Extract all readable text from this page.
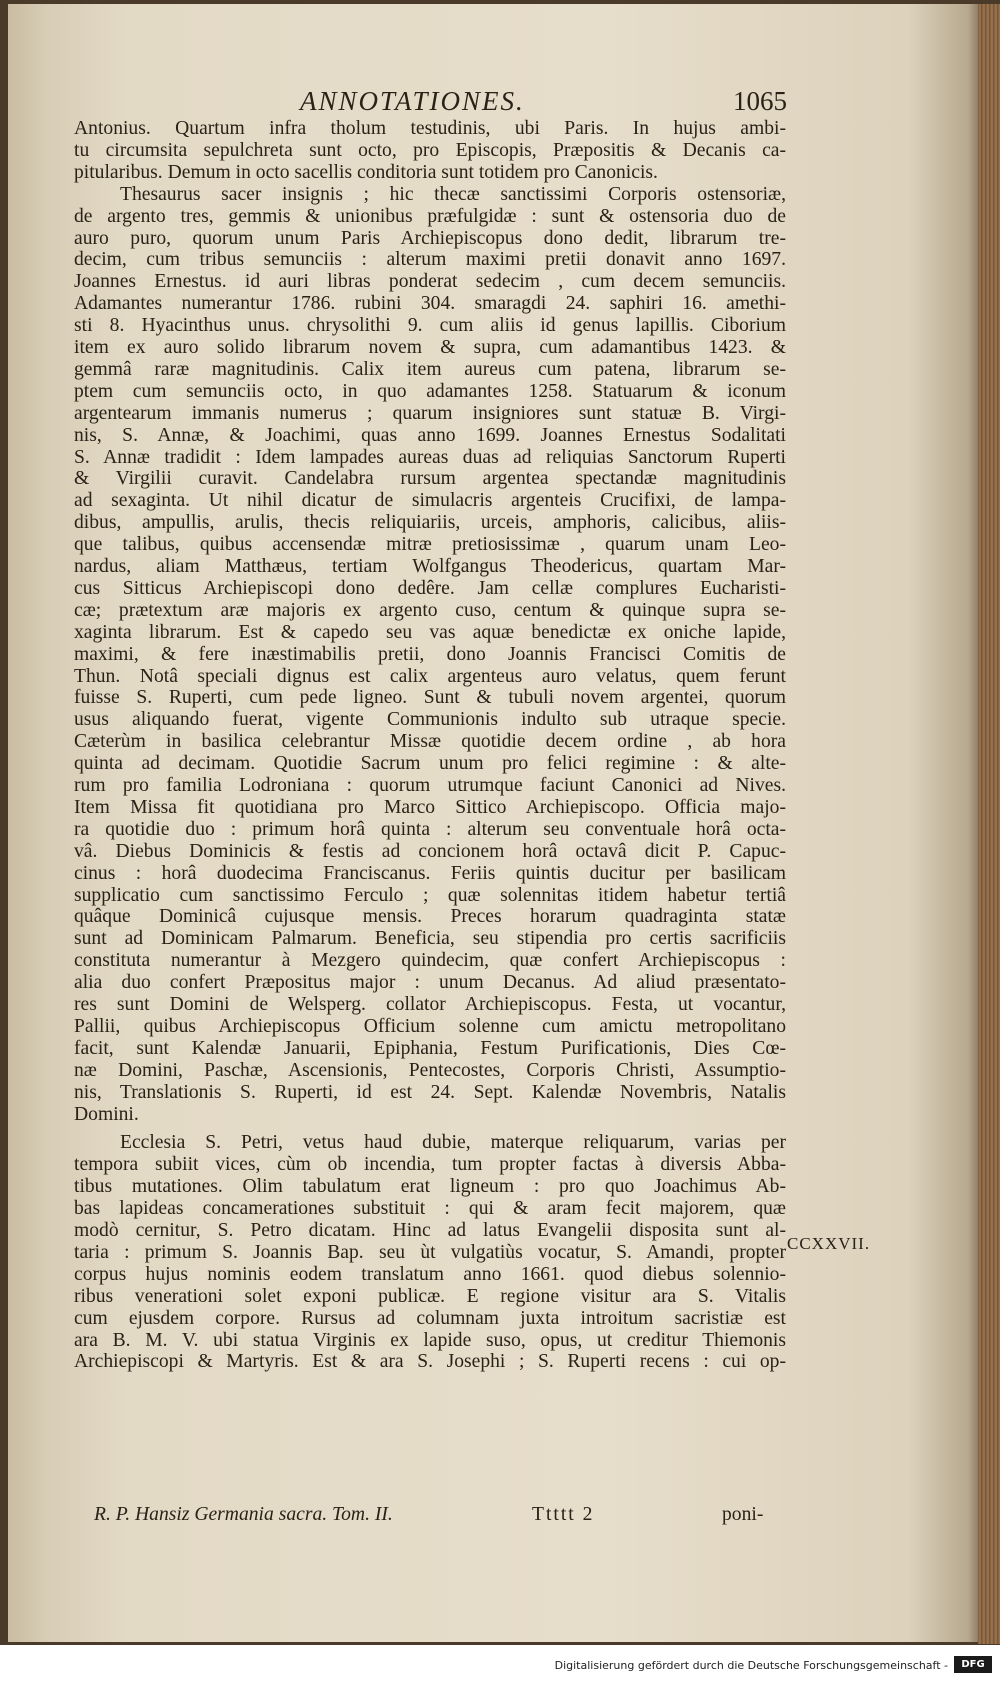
ANNOTATIONES.	1065
Antonius. Quartum infra tholum testudinis, ubi Paris. In hujus ambi-
tu circumsita sepulchreta sunt octo, pro Episcopis, Præpositis & Decanis ca-
pitularibus. Demum in octo sacellis conditoria sunt totidem pro Canonicis.
Thesaurus sacer insignis ; hic thecæ sanctissimi Corporis ostensoriæ,
de argento tres, gemmis & unionibus præfulgidæ : sunt & ostensoria duo de
auro puro, quorum unum Paris Archiepiscopus dono dedit, librarum tre-
decim, cum tribus semunciis : alterum maximi pretii donavit anno 1697.
Joannes Ernestus. id auri libras ponderat sedecim , cum decem semunciis.
Adamantes numerantur 1786. rubini 304. smaragdi 24. saphiri 16. amethi-
sti 8. Hyacinthus unus. chrysolithi 9. cum aliis id genus lapillis. Ciborium
item ex auro solido librarum novem & supra, cum adamantibus 1423. &
gemmâ raræ magnitudinis. Calix item aureus cum patena, librarum se-
ptem cum semunciis octo, in quo adamantes 1258. Statuarum & iconum
argentearum immanis numerus ; quarum insigniores sunt statuæ B. Virgi-
nis, S. Annæ, & Joachimi, quas anno 1699. Joannes Ernestus Sodalitati
S. Annæ tradidit : Idem lampades aureas duas ad reliquias Sanctorum Ruperti
& Virgilii curavit. Candelabra rursum argentea spectandæ magnitudinis
ad sexaginta. Ut nihil dicatur de simulacris argenteis Crucifixi, de lampa-
dibus, ampullis, arulis, thecis reliquiariis, urceis, amphoris, calicibus, aliis-
que talibus, quibus accensendæ mitræ pretiosissimæ , quarum unam Leo-
nardus, aliam Matthæus, tertiam Wolfgangus Theodericus, quartam Mar-
cus Sitticus Archiepiscopi dono dedêre. Jam cellæ complures Eucharisti-
cæ; prætextum aræ majoris ex argento cuso, centum & quinque supra se-
xaginta librarum. Est & capedo seu vas aquæ benedictæ ex oniche lapide,
maximi, & fere inæstimabilis pretii, dono Joannis Francisci Comitis de
Thun. Notâ speciali dignus est calix argenteus auro velatus, quem ferunt
fuisse S. Ruperti, cum pede ligneo. Sunt & tubuli novem argentei, quorum
usus aliquando fuerat, vigente Communionis indulto sub utraque specie.
Cæterùm in basilica celebrantur Missæ quotidie decem ordine , ab hora
quinta ad decimam. Quotidie Sacrum unum pro felici regimine : & alte-
rum pro familia Lodroniana : quorum utrumque faciunt Canonici ad Nives.
Item Missa fit quotidiana pro Marco Sittico Archiepiscopo. Officia majo-
ra quotidie duo : primum horâ quinta : alterum seu conventuale horâ octa-
vâ. Diebus Dominicis & festis ad concionem horâ octavâ dicit P. Capuc-
cinus : horâ duodecima Franciscanus. Feriis quintis ducitur per basilicam
supplicatio cum sanctissimo Ferculo ; quæ solennitas itidem habetur tertiâ
quâque Dominicâ cujusque mensis. Preces horarum quadraginta statæ
sunt ad Dominicam Palmarum. Beneficia, seu stipendia pro certis sacrificiis
constituta numerantur à Mezgero quindecim, quæ confert Archiepiscopus :
alia duo confert Præpositus major : unum Decanus. Ad aliud præsentato-
res sunt Domini de Welsperg. collator Archiepiscopus. Festa, ut vocantur,
Pallii, quibus Archiepiscopus Officium solenne cum amictu metropolitano
facit, sunt Kalendæ Januarii, Epiphania, Festum Purificationis, Dies Cœ-
næ Domini, Paschæ, Ascensionis, Pentecostes, Corporis Christi, Assumptio-
nis, Translationis S. Ruperti, id est 24. Sept. Kalendæ Novembris, Natalis
Domini.
Ecclesia S. Petri, vetus haud dubie, materque reliquarum, varias per
tempora subiit vices, cùm ob incendia, tum propter factas à diversis Abba-
tibus mutationes. Olim tabulatum erat ligneum : pro quo Joachimus Ab-
bas lapideas concamerationes substituit : qui & aram fecit majorem, quæ
modò cernitur, S. Petro dicatam. Hinc ad latus Evangelii disposita sunt al-
taria : primum S. Joannis Bap. seu ùt vulgatiùs vocatur, S. Amandi, propter
corpus hujus nominis eodem translatum anno 1661. quod diebus solennio-
ribus venerationi solet exponi publicæ. E regione visitur ara S. Vitalis
cum ejusdem corpore. Rursus ad columnam juxta introitum sacristiæ est
ara B. M. V. ubi statua Virginis ex lapide suso, opus, ut creditur Thiemonis
Archiepiscopi & Martyris. Est & ara S. Josephi ; S. Ruperti recens : cui op-
CCXXVII.
R. P. Hansiz Germania sacra. Tom. II.	Ttttt 2	poni-
Digitalisierung gefördert durch die Deutsche Forschungsgemeinschaft -	DFG
